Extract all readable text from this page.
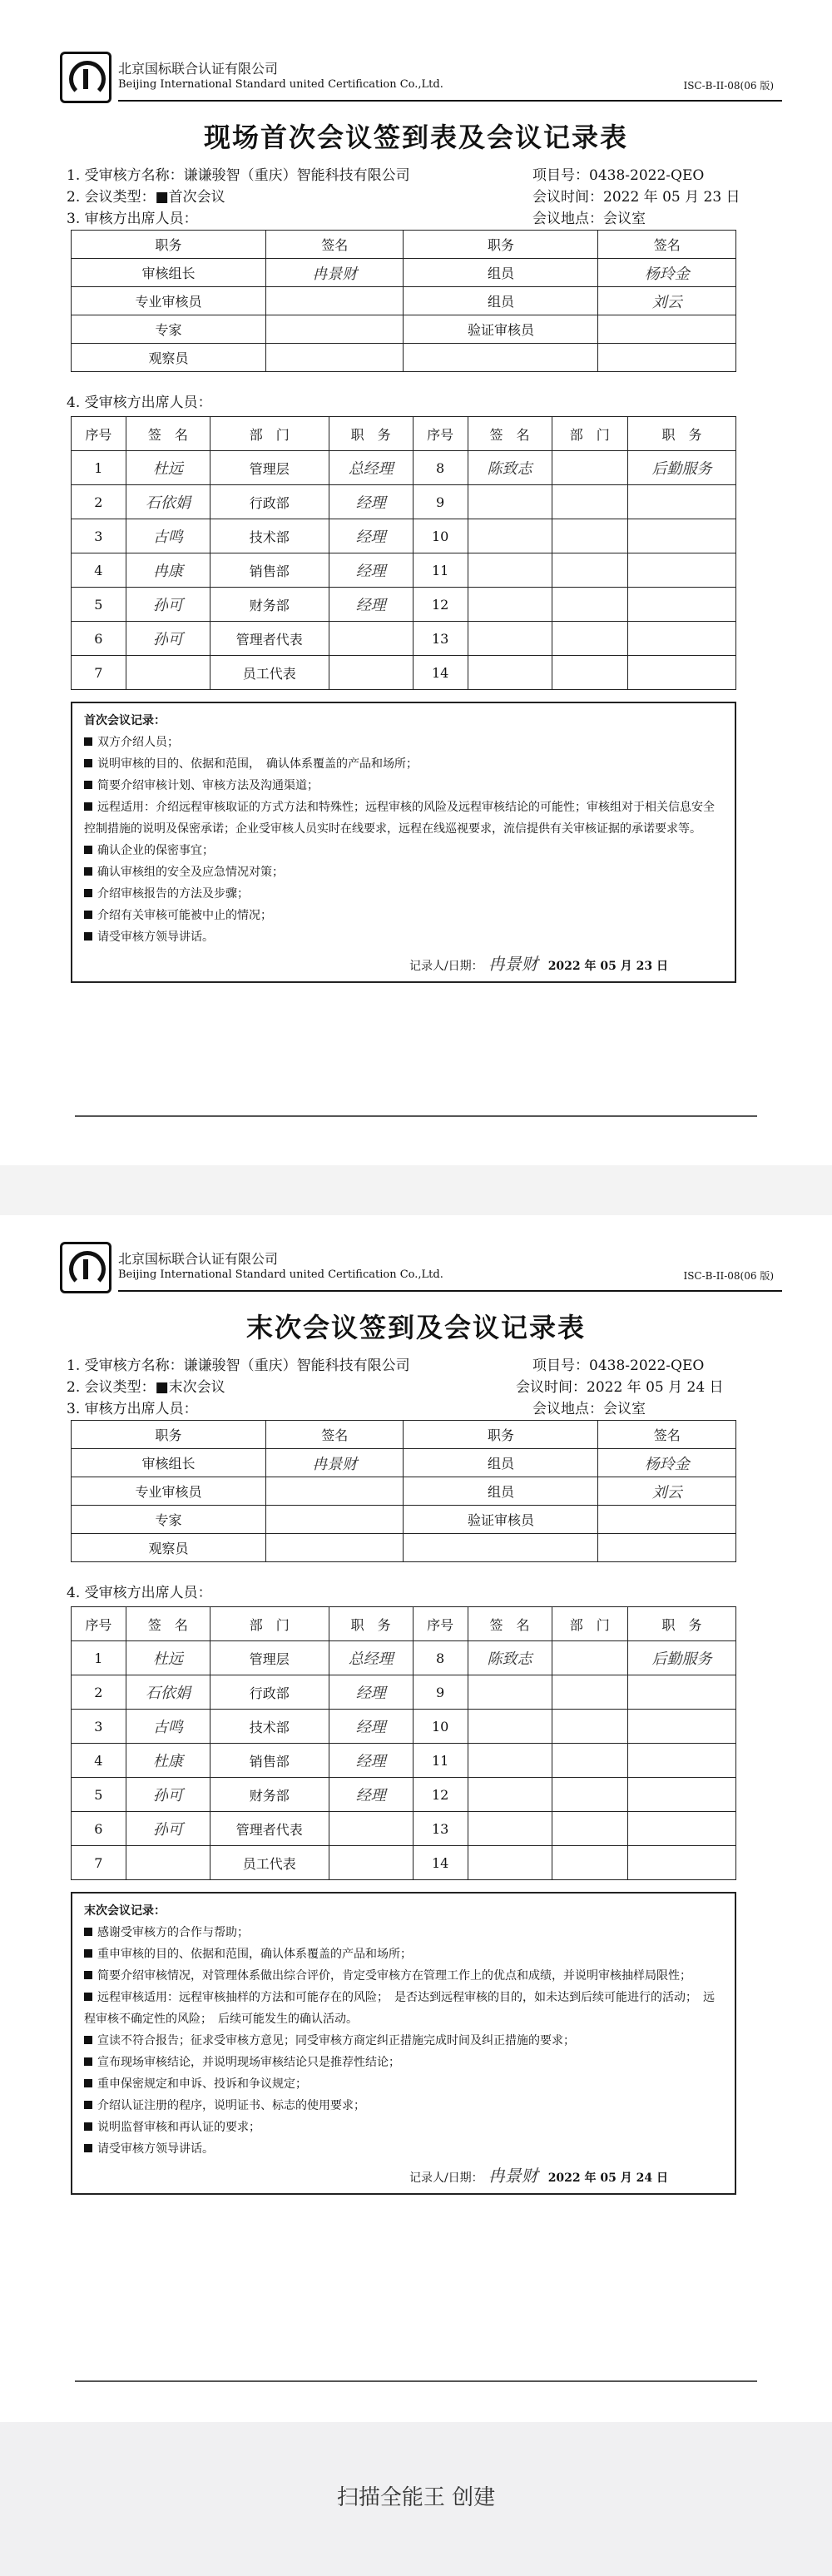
北京国标联合认证有限公司
Beijing International Standard united Certification Co.,Ltd.	ISC-B-II-08(06 版)
现场首次会议签到表及会议记录表
1. 受审核方名称：谦谦骏智（重庆）智能科技有限公司	项目号：0438-2022-QEO
2. 会议类型：■首次会议	会议时间：2022 年 05 月 23 日
3. 审核方出席人员：	会议地点：会议室
职务	签名	职务	签名
审核组长	冉景财	组员	杨玲金
专业审核员		组员	刘云
专家		验证审核员	
观察员			
4. 受审核方出席人员：
序号	签　名	部　门	职　务	序号	签　名	部　门	职　务
1	杜远	管理层	总经理	8	陈致志		后勤服务
2	石依娟	行政部	经理	9			
3	古鸣	技术部	经理	10			
4	冉康	销售部	经理	11			
5	孙可	财务部	经理	12			
6	孙可	管理者代表		13			
7		员工代表		14			
首次会议记录：
双方介绍人员；
说明审核的目的、依据和范围，　确认体系覆盖的产品和场所；
简要介绍审核计划、审核方法及沟通渠道；
远程适用：介绍远程审核取证的方式方法和特殊性；远程审核的风险及远程审核结论的可能性；审核组对于相关信息安全控制措施的说明及保密承诺；企业受审核人员实时在线要求，远程在线巡视要求，流信提供有关审核证据的承诺要求等。
确认企业的保密事宜；
确认审核组的安全及应急情况对策；
介绍审核报告的方法及步骤；
介绍有关审核可能被中止的情况；
请受审核方领导讲话。
记录人/日期： 冉景财 2022 年 05 月 23 日
北京国标联合认证有限公司
Beijing International Standard united Certification Co.,Ltd.	ISC-B-II-08(06 版)
末次会议签到及会议记录表
1. 受审核方名称：谦谦骏智（重庆）智能科技有限公司	项目号：0438-2022-QEO
2. 会议类型：■末次会议	会议时间：2022 年 05 月 24 日
3. 审核方出席人员：	会议地点：会议室
职务	签名	职务	签名
审核组长	冉景财	组员	杨玲金
专业审核员		组员	刘云
专家		验证审核员	
观察员			
4. 受审核方出席人员：
序号	签　名	部　门	职　务	序号	签　名	部　门	职　务
1	杜远	管理层	总经理	8	陈致志		后勤服务
2	石依娟	行政部	经理	9			
3	古鸣	技术部	经理	10			
4	杜康	销售部	经理	11			
5	孙可	财务部	经理	12			
6	孙可	管理者代表		13			
7		员工代表		14			
末次会议记录：
感谢受审核方的合作与帮助；
重申审核的目的、依据和范围，确认体系覆盖的产品和场所；
简要介绍审核情况，对管理体系做出综合评价，肯定受审核方在管理工作上的优点和成绩，并说明审核抽样局限性；
远程审核适用：远程审核抽样的方法和可能存在的风险；　是否达到远程审核的目的，如未达到后续可能进行的活动；　远程审核不确定性的风险；　后续可能发生的确认活动。
宣读不符合报告；征求受审核方意见；同受审核方商定纠正措施完成时间及纠正措施的要求；
宣布现场审核结论，并说明现场审核结论只是推荐性结论；
重申保密规定和申诉、投诉和争议规定；
介绍认证注册的程序，说明证书、标志的使用要求；
说明监督审核和再认证的要求；
请受审核方领导讲话。
记录人/日期： 冉景财 2022 年 05 月 24 日
扫描全能王 创建
